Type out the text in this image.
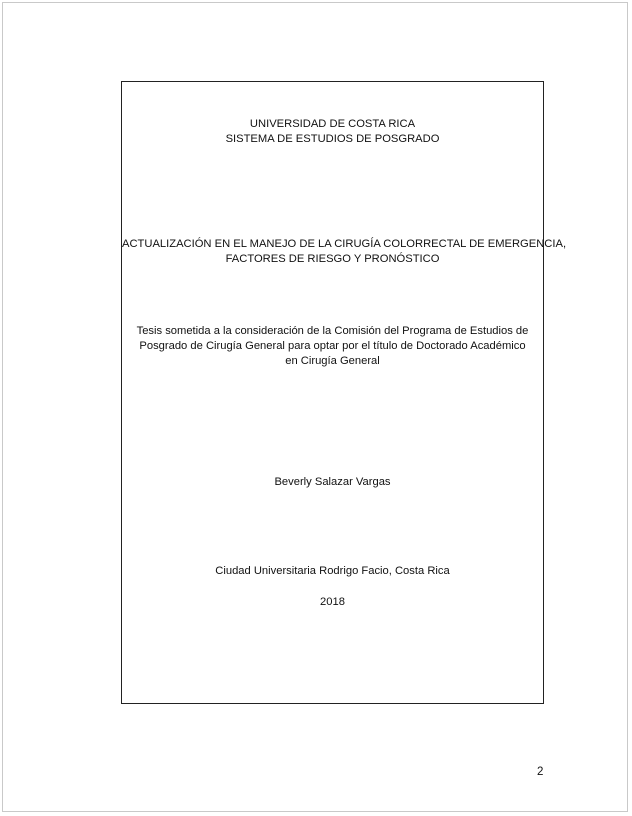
UNIVERSIDAD DE COSTA RICA
SISTEMA DE ESTUDIOS DE POSGRADO
ACTUALIZACIÓN EN EL MANEJO DE LA CIRUGÍA COLORRECTAL DE EMERGENCIA,
FACTORES DE RIESGO Y PRONÓSTICO
Tesis sometida a la consideración de la Comisión del Programa de Estudios de Posgrado de Cirugía General para optar por el título de Doctorado Académico en Cirugía General
Beverly Salazar Vargas
Ciudad Universitaria Rodrigo Facio, Costa Rica
2018
2
